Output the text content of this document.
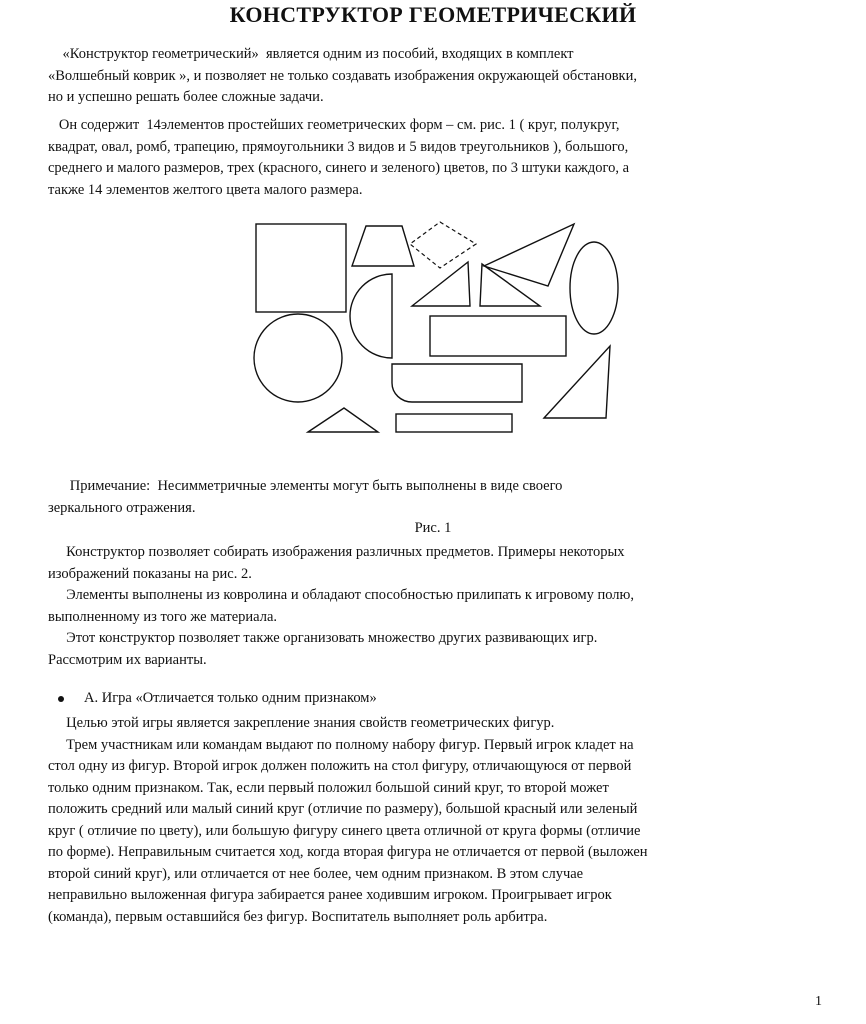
КОНСТРУКТОР ГЕОМЕТРИЧЕСКИЙ
«Конструктор геометрический»  является одним из пособий, входящих в комплект
«Волшебный коврик », и позволяет не только создавать изображения окружающей обстановки,
но и успешно решать более сложные задачи.
Он содержит  14элементов простейших геометрических форм – см. рис. 1 ( круг, полукруг,
квадрат, овал, ромб, трапецию, прямоугольники 3 видов и 5 видов треугольников ), большого,
среднего и малого размеров, трех (красного, синего и зеленого) цветов, по 3 штуки каждого, а
также 14 элементов желтого цвета малого размера.
Примечание:  Несимметричные элементы могут быть выполнены в виде своего
зеркального отражения.

Рис. 1

Конструктор позволяет собирать изображения различных предметов. Примеры некоторых
изображений показаны на рис. 2.
Элементы выполнены из ковролина и обладают способностью прилипать к игровому полю,
выполненному из того же материала.
Этот конструктор позволяет также организовать множество других развивающих игр.
Рассмотрим их варианты.

А. Игра «Отличается только одним признаком»

Целью этой игры является закрепление знания свойств геометрических фигур.
Трем участникам или командам выдают по полному набору фигур. Первый игрок кладет на
стол одну из фигур. Второй игрок должен положить на стол фигуру, отличающуюся от первой
только одним признаком. Так, если первый положил большой синий круг, то второй может
положить средний или малый синий круг (отличие по размеру), большой красный или зеленый
круг ( отличие по цвету), или большую фигуру синего цвета отличной от круга формы (отличие
по форме). Неправильным считается ход, когда вторая фигура не отличается от первой (выложен
второй синий круг), или отличается от нее более, чем одним признаком. В этом случае
неправильно выложенная фигура забирается ранее ходившим игроком. Проигрывает игрок
(команда), первым оставшийся без фигур. Воспитатель выполняет роль арбитра.

1
